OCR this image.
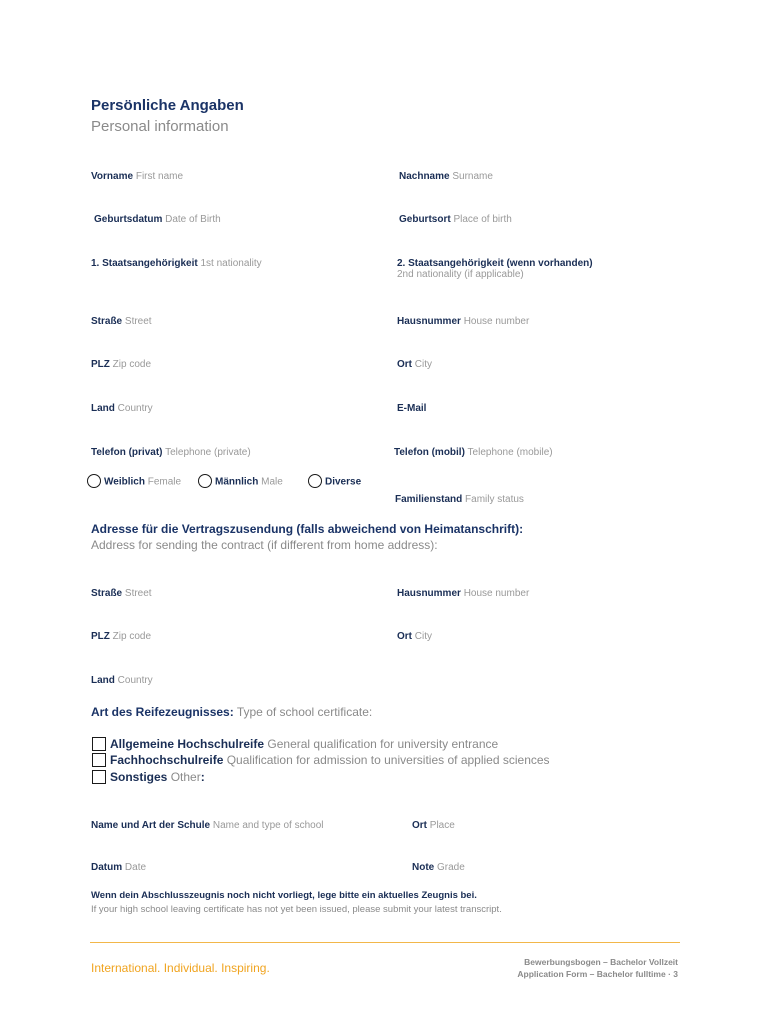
Persönliche Angaben
Personal information
Vorname First name	Nachname Surname
Geburtsdatum Date of Birth	Geburtsort Place of birth
1. Staatsangehörigkeit 1st nationality	2. Staatsangehörigkeit (wenn vorhanden)
2nd nationality (if applicable)
Straße Street	Hausnummer House number
PLZ Zip code	Ort City
Land Country	E-Mail
Telefon (privat) Telephone (private)	Telefon (mobil) Telephone (mobile)
Weiblich Female	Männlich Male	Diverse
Familienstand Family status
Adresse für die Vertragszusendung (falls abweichend von Heimatanschrift):
Address for sending the contract (if different from home address):
Straße Street	Hausnummer House number
PLZ Zip code	Ort City
Land Country
Art des Reifezeugnisses: Type of school certificate:
Allgemeine Hochschulreife General qualification for university entrance
Fachhochschulreife Qualification for admission to universities of applied sciences
Sonstiges Other:
Name und Art der Schule Name and type of school	Ort Place
Datum Date	Note Grade
Wenn dein Abschlusszeugnis noch nicht vorliegt, lege bitte ein aktuelles Zeugnis bei.
If your high school leaving certificate has not yet been issued, please submit your latest transcript.
International. Individual. Inspiring.	Bewerbungsbogen – Bachelor Vollzeit
Application Form – Bachelor fulltime · 3
